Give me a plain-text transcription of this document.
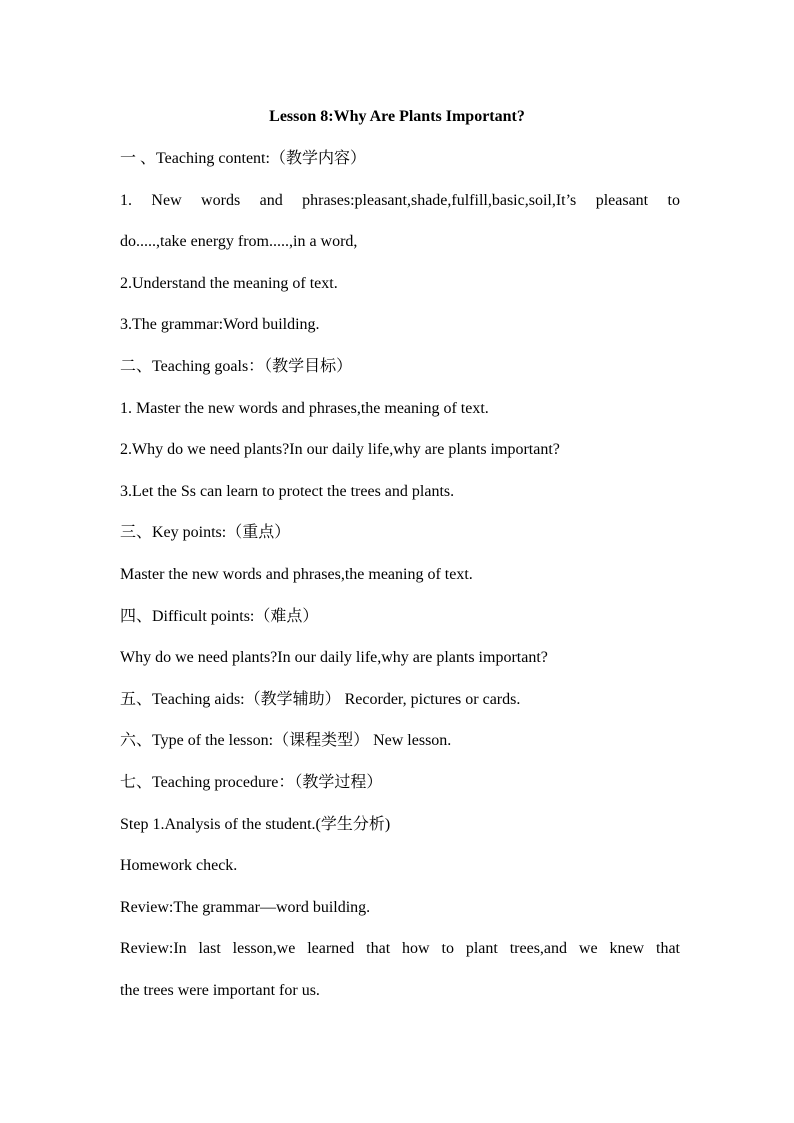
Lesson 8:Why Are Plants Important?
一 、Teaching content:（教学内容）
1. New words and phrases:pleasant,shade,fulfill,basic,soil,It’s pleasant to
do.....,take energy from.....,in a word,
2.Understand the meaning of text.
3.The grammar:Word building.
二、Teaching goals：（教学目标）
1. Master the new words and phrases,the meaning of text.
2.Why do we need plants?In our daily life,why are plants important?
3.Let the Ss can learn to protect the trees and plants.
三、Key points:（重点）
Master the new words and phrases,the meaning of text.
四、Difficult points:（难点）
Why do we need plants?In our daily life,why are plants important?
五、Teaching aids:（教学辅助） Recorder, pictures or cards.
六、Type of the lesson:（课程类型） New lesson.
七、Teaching procedure：（教学过程）
Step 1.Analysis of the student.(学生分析)
Homework check.
Review:The grammar—word building.
Review:In last lesson,we learned that how to plant trees,and we knew that
the trees were important for us.
